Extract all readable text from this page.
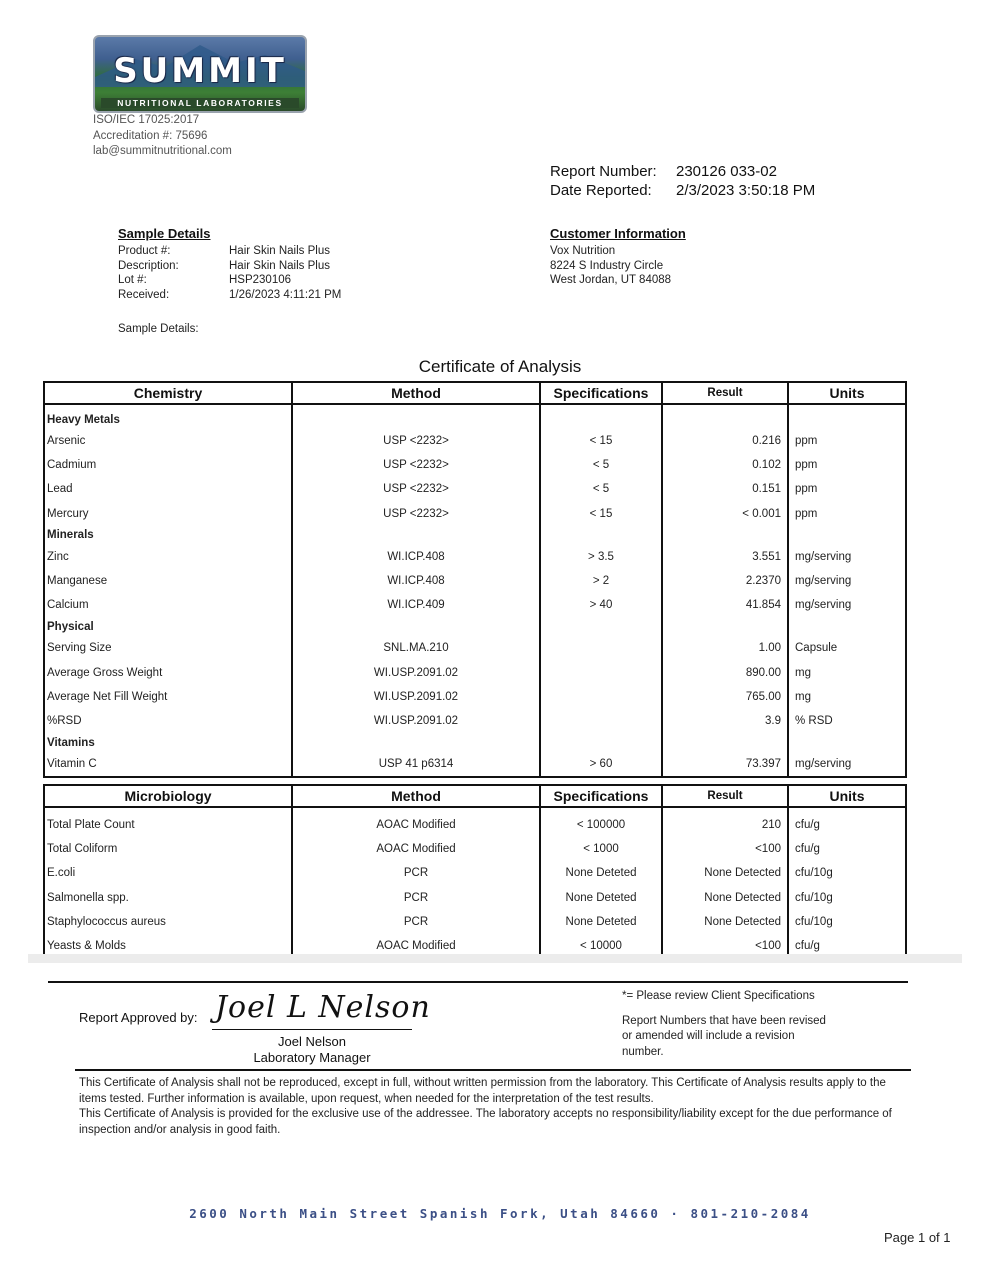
SUMMIT
NUTRITIONAL LABORATORIES
ISO/IEC 17025:2017
Accreditation #: 75696
lab@summitnutritional.com
Report Number: 230126 033-02
Date Reported: 2/3/2023 3:50:18 PM
Sample Details
Product #:	Hair Skin Nails Plus
Description:	Hair Skin Nails Plus
Lot #:	HSP230106
Received:	1/26/2023 4:11:21 PM
Sample Details:
Customer Information
Vox Nutrition
8224 S Industry Circle
West Jordan, UT 84088
Certificate of Analysis
Chemistry	Method	Specifications	Result	Units

Heavy Metals				
Arsenic	USP <2232>	< 15	0.216	ppm
Cadmium	USP <2232>	< 5	0.102	ppm
Lead	USP <2232>	< 5	0.151	ppm
Mercury	USP <2232>	< 15	< 0.001	ppm
Minerals				
Zinc	WI.ICP.408	> 3.5	3.551	mg/serving
Manganese	WI.ICP.408	> 2	2.2370	mg/serving
Calcium	WI.ICP.409	> 40	41.854	mg/serving
Physical				
Serving Size	SNL.MA.210		1.00	Capsule
Average Gross Weight	WI.USP.2091.02		890.00	mg
Average Net Fill Weight	WI.USP.2091.02		765.00	mg
%RSD	WI.USP.2091.02		3.9	% RSD
Vitamins				
Vitamin C	USP 41 p6314	> 60	73.397	mg/serving
Microbiology	Method	Specifications	Result	Units

Total Plate Count	AOAC Modified	< 100000	210	cfu/g
Total Coliform	AOAC Modified	< 1000	<100	cfu/g
E.coli	PCR	None Deteted	None Detected	cfu/10g
Salmonella spp.	PCR	None Deteted	None Detected	cfu/10g
Staphylococcus aureus	PCR	None Deteted	None Detected	cfu/10g
Yeasts & Molds	AOAC Modified	< 10000	<100	cfu/g
Report Approved by: Joel L Nelson
Joel Nelson
Laboratory Manager
*= Please review Client Specifications
Report Numbers that have been revised or amended will include a revision number.
This Certificate of Analysis shall not be reproduced, except in full, without written permission from the laboratory. This Certificate of Analysis results apply to the items tested. Further information is available, upon request, when needed for the interpretation of the test results.
This Certificate of Analysis is provided for the exclusive use of the addressee. The laboratory accepts no responsibility/liability except for the due performance of inspection and/or analysis in good faith.
2600 North Main Street Spanish Fork, Utah 84660 · 801-210-2084
Page 1 of 1
